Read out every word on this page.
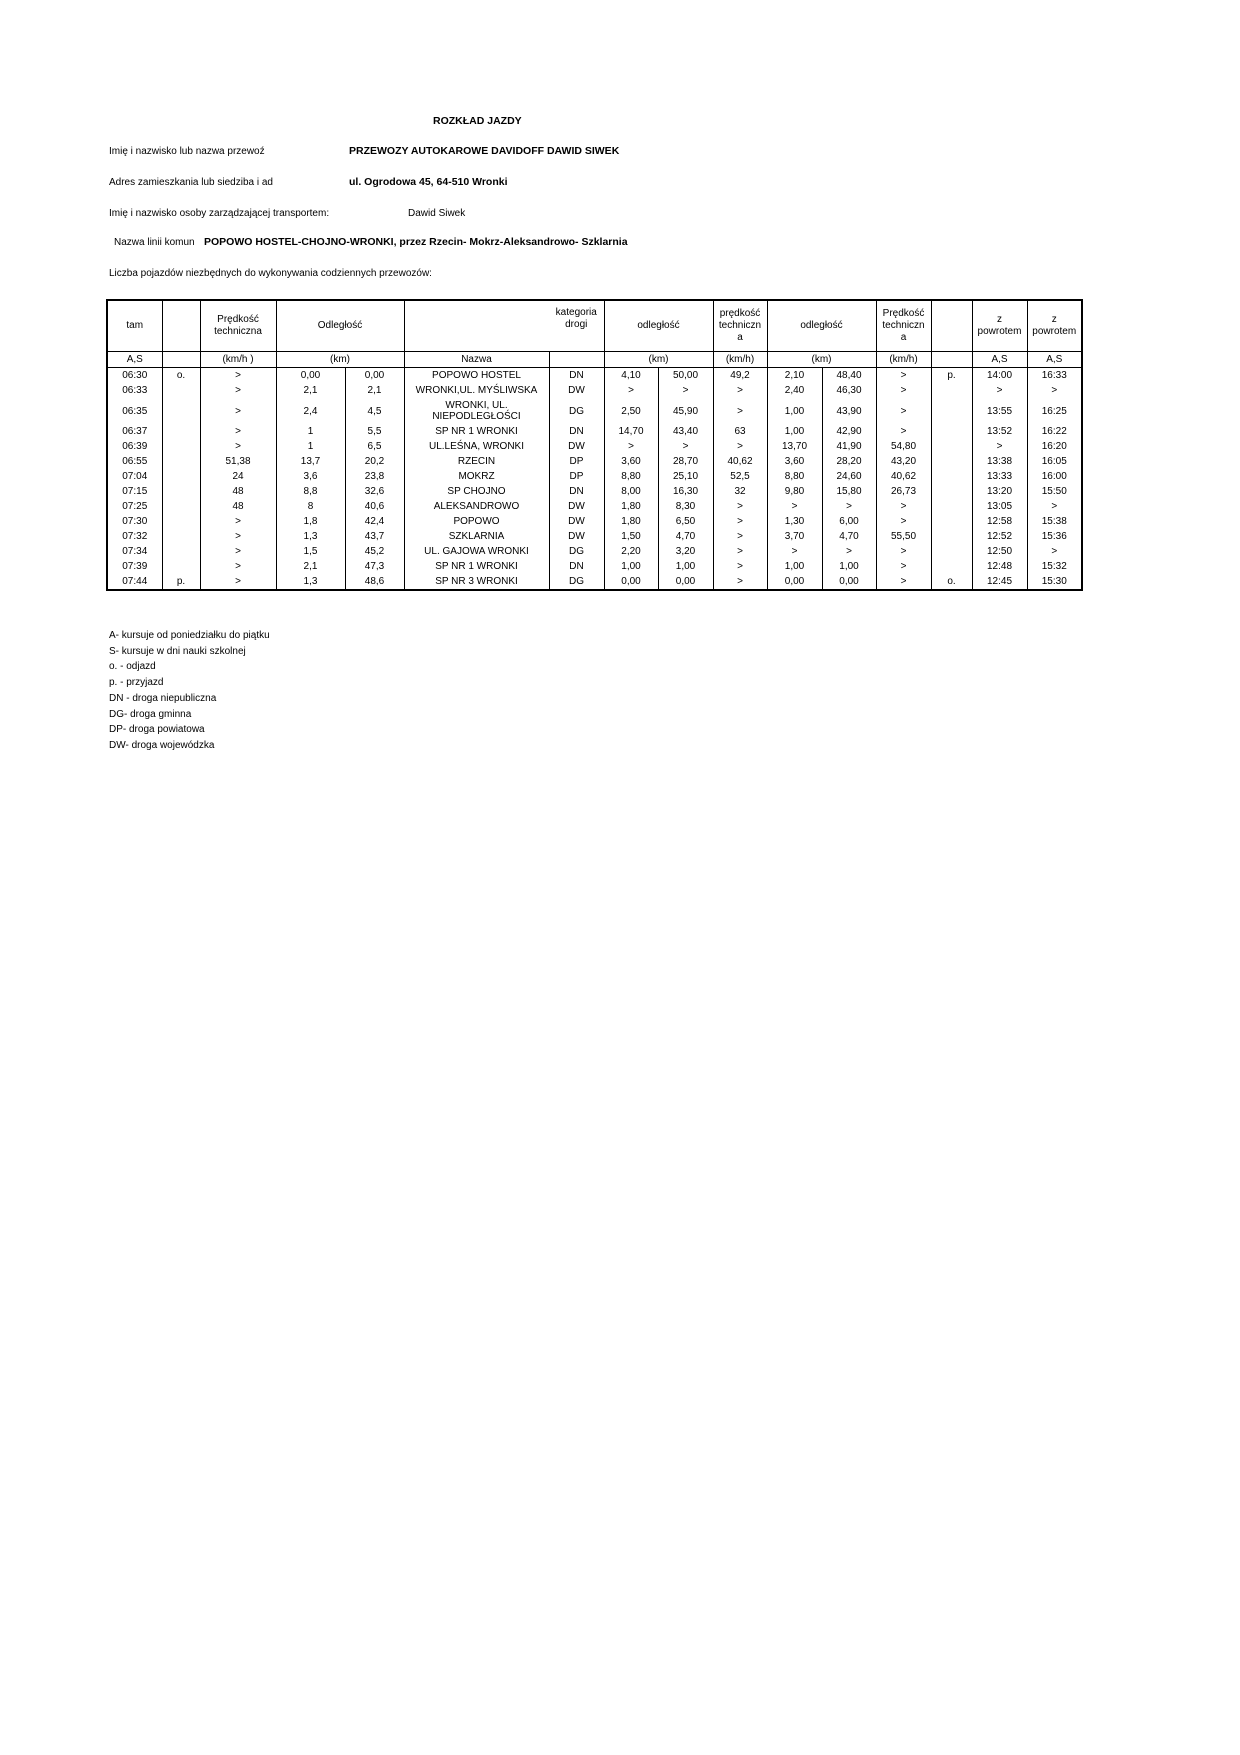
ROZKŁAD JAZDY
Imię i nazwisko lub nazwa przewoź	PRZEWOZY AUTOKAROWE DAVIDOFF DAWID SIWEK
Adres zamieszkania lub siedziba i ad	ul. Ogrodowa 45, 64-510 Wronki
Imię i nazwisko osoby zarządzającej transportem:	Dawid Siwek
Nazwa linii komun POPOWO HOSTEL-CHOJNO-WRONKI, przez Rzecin- Mokrz-Aleksandrowo- Szklarnia
Liczba pojazdów niezbędnych do wykonywania codziennych przewozów:
tam		Prędkość techniczna	Odległość			kategoria drogi	odległość		prędkość techniczn a	odległość		Prędkość techniczn a		z powrotem	z powrotem
A,S		(km/h )	(km)		Nazwa		(km)		(km/h)	(km)		(km/h)		A,S	A,S
06:30	o.	>	0,00	0,00	POPOWO HOSTEL	DN	4,10	50,00	49,2	2,10	48,40	>	p.	14:00	16:33
06:33		>	2,1	2,1	WRONKI,UL. MYŚLIWSKA	DW	>	>	>	2,40	46,30	>		>	>
06:35		>	2,4	4,5	WRONKI, UL. NIEPODLEGŁOŚCI	DG	2,50	45,90	>	1,00	43,90	>		13:55	16:25
06:37		>	1	5,5	SP NR 1 WRONKI	DN	14,70	43,40	63	1,00	42,90	>		13:52	16:22
06:39		>	1	6,5	UL.LEŚNA, WRONKI	DW	>	>	>	13,70	41,90	54,80		>	16:20
06:55		51,38	13,7	20,2	RZECIN	DP	3,60	28,70	40,62	3,60	28,20	43,20		13:38	16:05
07:04		24	3,6	23,8	MOKRZ	DP	8,80	25,10	52,5	8,80	24,60	40,62		13:33	16:00
07:15		48	8,8	32,6	SP CHOJNO	DN	8,00	16,30	32	9,80	15,80	26,73		13:20	15:50
07:25		48	8	40,6	ALEKSANDROWO	DW	1,80	8,30	>	>	>	>		13:05	>
07:30		>	1,8	42,4	POPOWO	DW	1,80	6,50	>	1,30	6,00	>		12:58	15:38
07:32		>	1,3	43,7	SZKLARNIA	DW	1,50	4,70	>	3,70	4,70	55,50		12:52	15:36
07:34		>	1,5	45,2	UL. GAJOWA WRONKI	DG	2,20	3,20	>	>	>	>		12:50	>
07:39		>	2,1	47,3	SP NR 1 WRONKI	DN	1,00	1,00	>	1,00	1,00	>		12:48	15:32
07:44	p.	>	1,3	48,6	SP NR 3 WRONKI	DG	0,00	0,00	>	0,00	0,00	>	o.	12:45	15:30
A- kursuje od poniedziałku do piątku
S- kursuje w dni nauki szkolnej
o. - odjazd
p. - przyjazd
DN - droga niepubliczna
DG- droga gminna
DP- droga powiatowa
DW- droga wojewódzka
